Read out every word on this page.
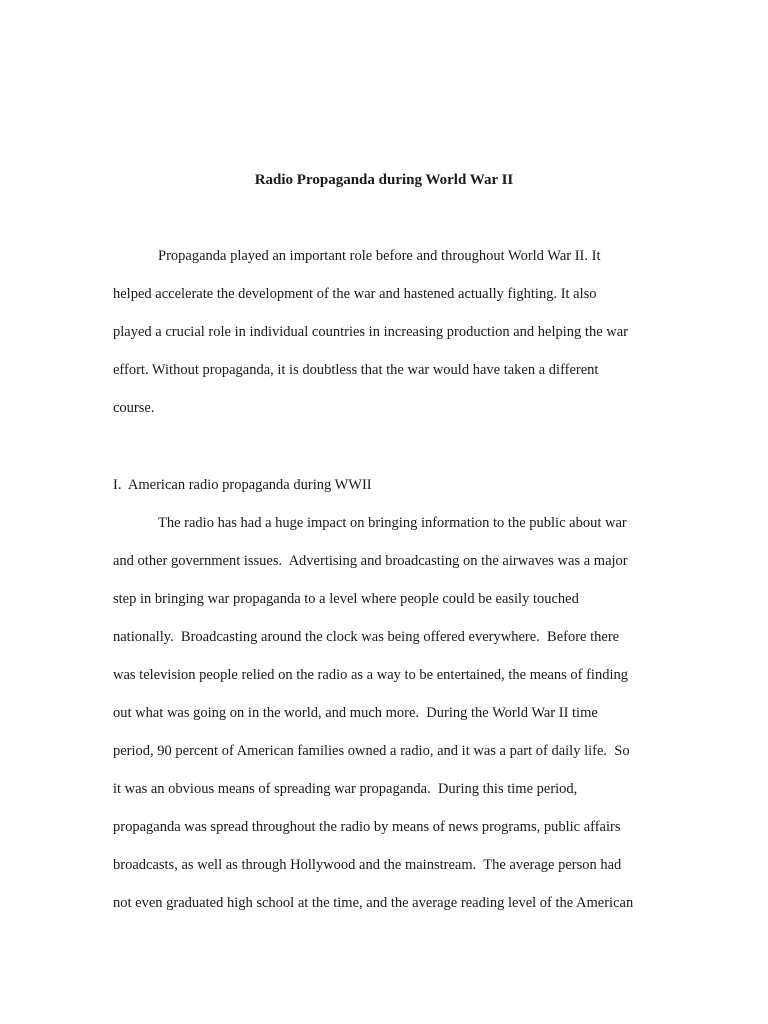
Radio Propaganda during World War II

Propaganda played an important role before and throughout World War II. It

helped accelerate the development of the war and hastened actually fighting. It also

played a crucial role in individual countries in increasing production and helping the war

effort. Without propaganda, it is doubtless that the war would have taken a different

course.

I.  American radio propaganda during WWII

The radio has had a huge impact on bringing information to the public about war

and other government issues.  Advertising and broadcasting on the airwaves was a major

step in bringing war propaganda to a level where people could be easily touched

nationally.  Broadcasting around the clock was being offered everywhere.  Before there

was television people relied on the radio as a way to be entertained, the means of finding

out what was going on in the world, and much more.  During the World War II time

period, 90 percent of American families owned a radio, and it was a part of daily life.  So

it was an obvious means of spreading war propaganda.  During this time period,

propaganda was spread throughout the radio by means of news programs, public affairs

broadcasts, as well as through Hollywood and the mainstream.  The average person had

not even graduated high school at the time, and the average reading level of the American
